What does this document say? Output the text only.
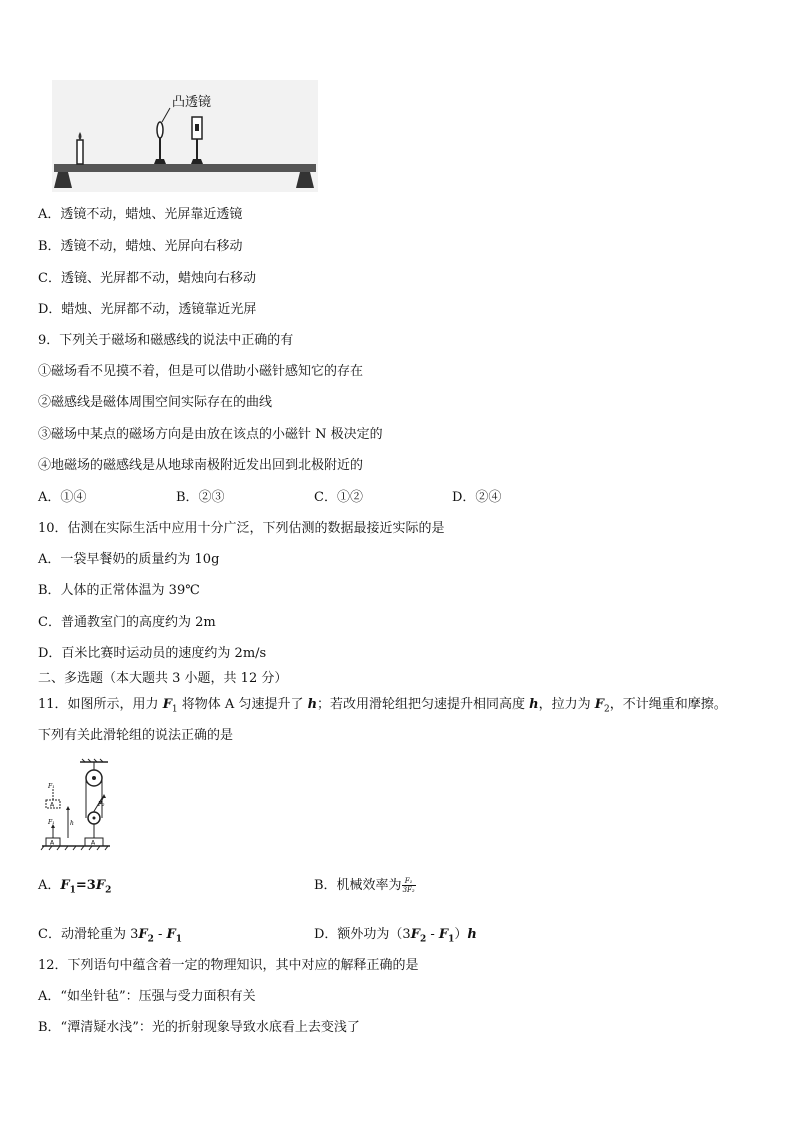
凸透镜
A．透镜不动，蜡烛、光屏靠近透镜
B．透镜不动，蜡烛、光屏向右移动
C．透镜、光屏都不动，蜡烛向右移动
D．蜡烛、光屏都不动，透镜靠近光屏
9．下列关于磁场和磁感线的说法中正确的有
①磁场看不见摸不着，但是可以借助小磁针感知它的存在
②磁感线是磁体周围空间实际存在的曲线
③磁场中某点的磁场方向是由放在该点的小磁针 N 极决定的
④地磁场的磁感线是从地球南极附近发出回到北极附近的
A．①④	B．②③	C．①②	D．②④
10．估测在实际生活中应用十分广泛，下列估测的数据最接近实际的是
A．一袋早餐奶的质量约为 10g
B．人体的正常体温为 39℃
C．普通教室门的高度约为 2m
D．百米比赛时运动员的速度约为 2m/s
二、多选题（本大题共 3 小题，共 12 分）
11．如图所示，用力 $F_1$ 将物体 A 匀速提升了 h；若改用滑轮组把匀速提升相同高度 h，拉力为 $F_2$，不计绳重和摩擦。
下列有关此滑轮组的说法正确的是
F₂
A
A
F₁
A
F₁	h
A．$F_1=3F_2$	B．机械效率为 $\frac{\text{F₁}}{\text{3F₂}}$
C．动滑轮重为 $3F_2 - F_1$	D．额外功为$(3F_2 - F_1)h$
12．下列语句中蕴含着一定的物理知识，其中对应的解释正确的是
A．“如坐针毡”：压强与受力面积有关
B．“潭清疑水浅”：光的折射现象导致水底看上去变浅了
